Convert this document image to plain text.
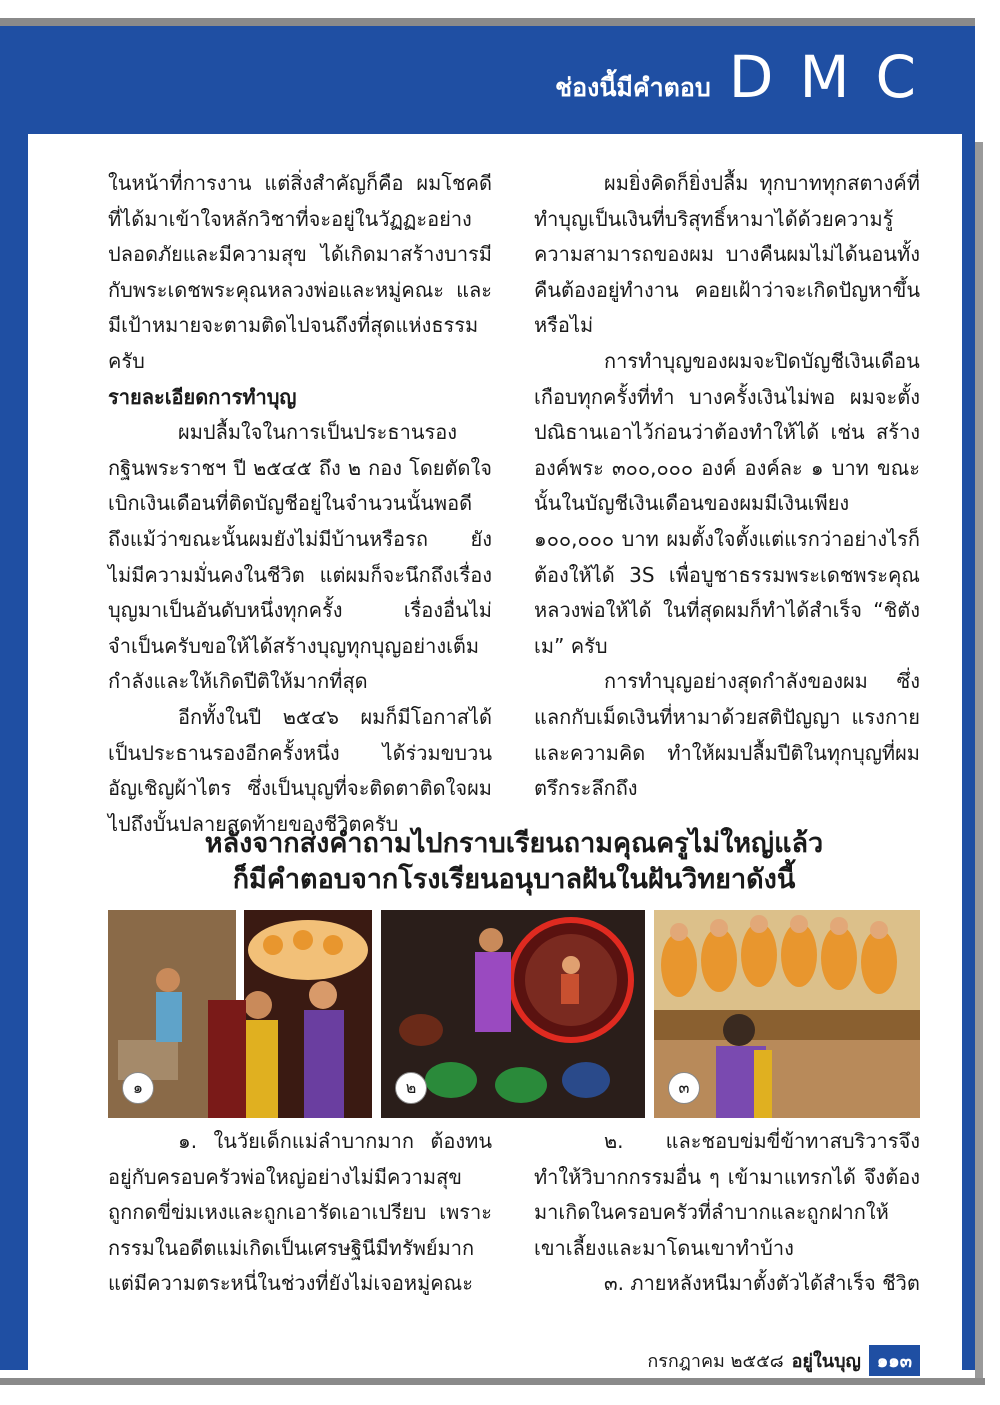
ช่องนี้มีคำตอบ DMC

ในหน้าที่การงาน แต่สิ่งสำคัญก็คือ ผมโชคดีที่ได้มาเข้าใจหลักวิชาที่จะอยู่ในวัฏฏะอย่างปลอดภัยและมีความสุข ได้เกิดมาสร้างบารมีกับพระเดชพระคุณหลวงพ่อและหมู่คณะ และมีเป้าหมายจะตามติดไปจนถึงที่สุดแห่งธรรมครับ

รายละเอียดการทำบุญ

ผมปลื้มใจในการเป็นประธานรองกฐินพระราชฯ ปี ๒๕๔๕ ถึง ๒ กอง โดยตัดใจเบิกเงินเดือนที่ติดบัญชีอยู่ในจำนวนนั้นพอดีถึงแม้ว่าขณะนั้นผมยังไม่มีบ้านหรือรถ ยังไม่มีความมั่นคงในชีวิต แต่ผมก็จะนึกถึงเรื่องบุญมาเป็นอันดับหนึ่งทุกครั้ง เรื่องอื่นไม่จำเป็นครับขอให้ได้สร้างบุญทุกบุญอย่างเต็มกำลังและให้เกิดปีติให้มากที่สุด

อีกทั้งในปี ๒๕๔๖ ผมก็มีโอกาสได้เป็นประธานรองอีกครั้งหนึ่ง ได้ร่วมขบวนอัญเชิญผ้าไตร ซึ่งเป็นบุญที่จะติดตาติดใจผมไปถึงบั้นปลายสุดท้ายของชีวิตครับ

ผมยิ่งคิดก็ยิ่งปลื้ม ทุกบาททุกสตางค์ที่ทำบุญเป็นเงินที่บริสุทธิ์หามาได้ด้วยความรู้ความสามารถของผม บางคืนผมไม่ได้นอนทั้งคืนต้องอยู่ทำงาน คอยเฝ้าว่าจะเกิดปัญหาขึ้นหรือไม่

การทำบุญของผมจะปิดบัญชีเงินเดือนเกือบทุกครั้งที่ทำ บางครั้งเงินไม่พอ ผมจะตั้งปณิธานเอาไว้ก่อนว่าต้องทำให้ได้ เช่น สร้างองค์พระ ๓๐๐,๐๐๐ องค์ องค์ละ ๑ บาท ขณะนั้นในบัญชีเงินเดือนของผมมีเงินเพียง ๑๐๐,๐๐๐ บาท ผมตั้งใจตั้งแต่แรกว่าอย่างไรก็ต้องให้ได้ 3S เพื่อบูชาธรรมพระเดชพระคุณหลวงพ่อให้ได้ ในที่สุดผมก็ทำได้สำเร็จ “ชิตัง เม” ครับ

การทำบุญอย่างสุดกำลังของผม ซึ่งแลกกับเม็ดเงินที่หามาด้วยสติปัญญา แรงกาย และความคิด ทำให้ผมปลื้มปีติในทุกบุญที่ผมตรึกระลึกถึง

หลังจากส่งคำถามไปกราบเรียนถามคุณครูไม่ใหญ่แล้ว
ก็มีคำตอบจากโรงเรียนอนุบาลฝันในฝันวิทยาดังนี้
๑	๒	๓

๑. ในวัยเด็กแม่ลำบากมาก ต้องทนอยู่กับครอบครัวพ่อใหญ่อย่างไม่มีความสุข ถูกกดขี่ข่มเหงและถูกเอารัดเอาเปรียบ เพราะกรรมในอดีตแม่เกิดเป็นเศรษฐินีมีทรัพย์มากแต่มีความตระหนี่ในช่วงที่ยังไม่เจอหมู่คณะ

๒. และชอบข่มขี่ข้าทาสบริวารจึงทำให้วิบากกรรมอื่น ๆ เข้ามาแทรกได้ จึงต้องมาเกิดในครอบครัวที่ลำบากและถูกฝากให้เขาเลี้ยงและมาโดนเขาทำบ้าง

๓. ภายหลังหนีมาตั้งตัวได้สำเร็จ ชีวิต

กรกฎาคม ๒๕๕๘ อยู่ในบุญ ๑๑๓
